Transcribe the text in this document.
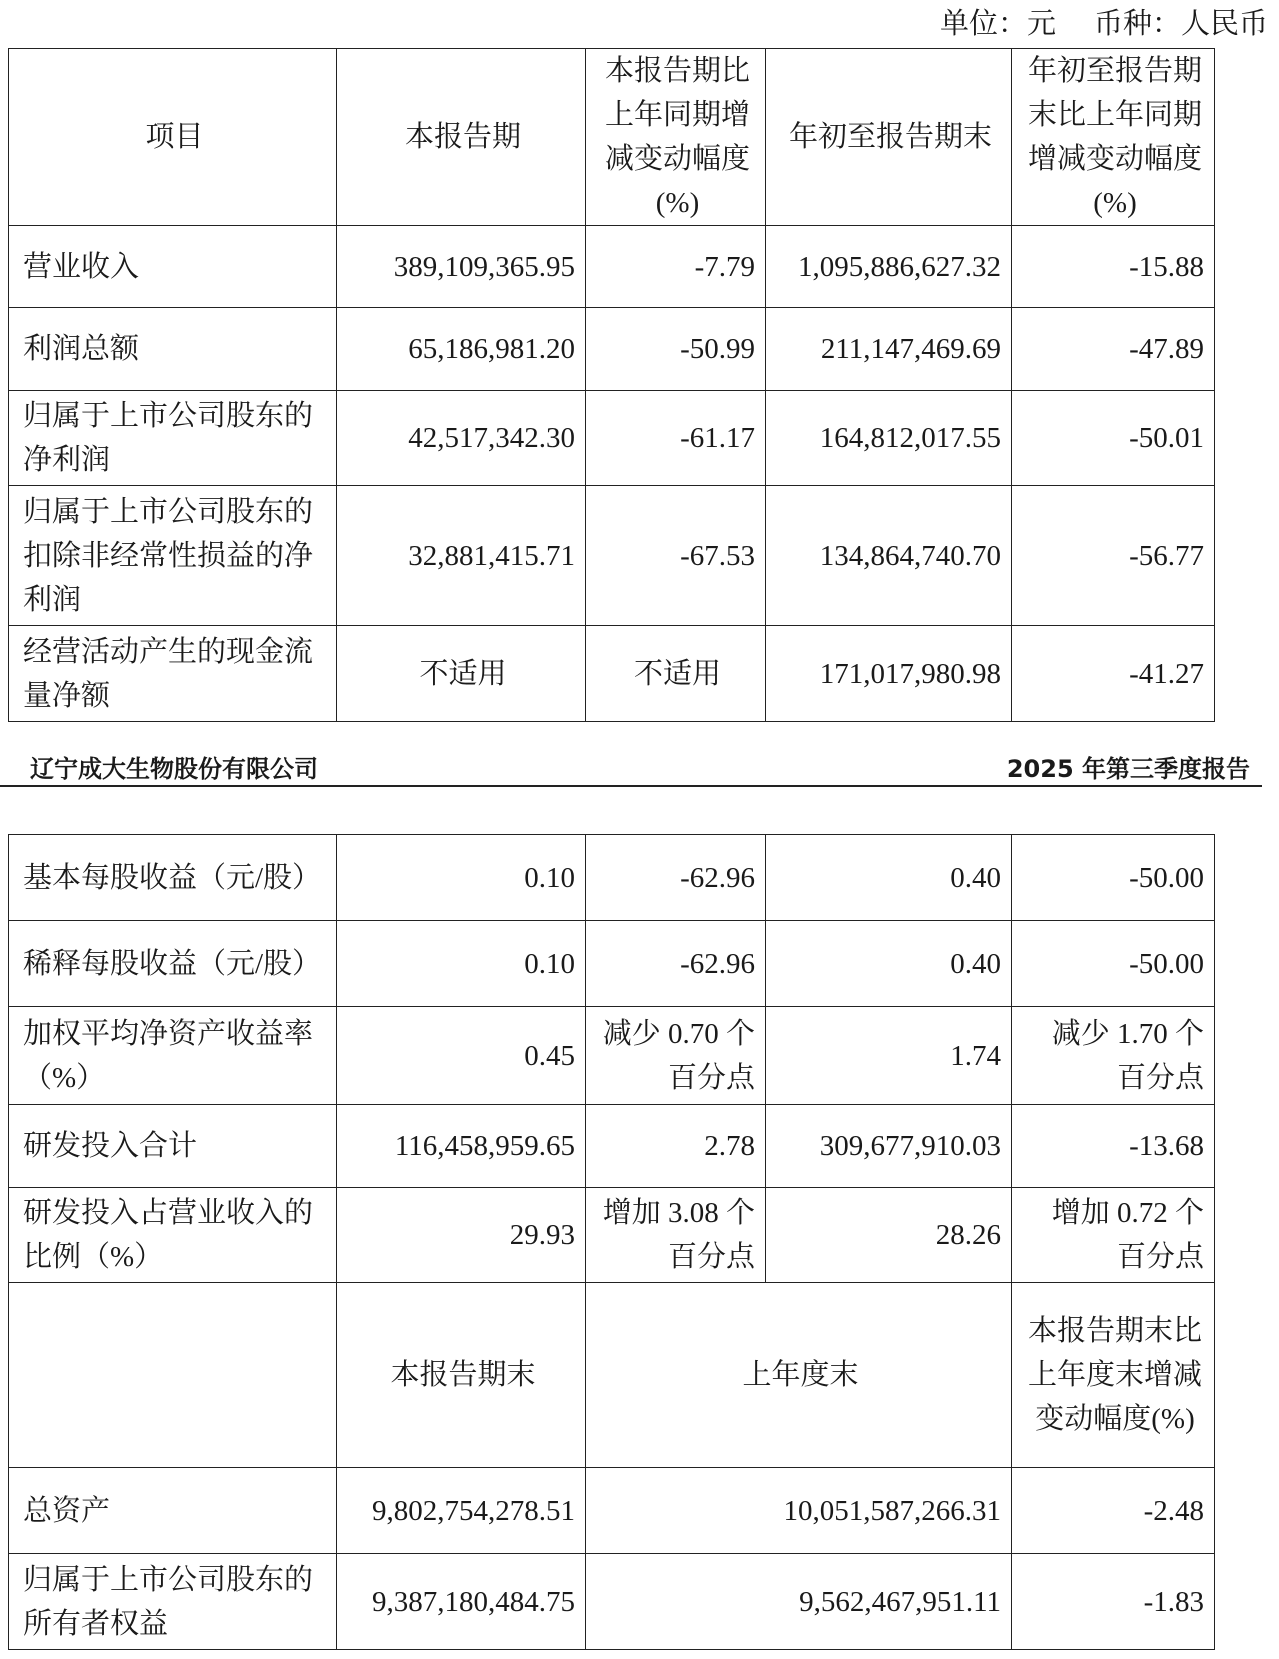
单位：元 币种：人民币
项目	本报告期	本报告期比上年同期增减变动幅度(%)	年初至报告期末	年初至报告期末比上年同期增减变动幅度(%)
营业收入	389,109,365.95	-7.79	1,095,886,627.32	-15.88
利润总额	65,186,981.20	-50.99	211,147,469.69	-47.89
归属于上市公司股东的净利润	42,517,342.30	-61.17	164,812,017.55	-50.01
归属于上市公司股东的扣除非经常性损益的净利润	32,881,415.71	-67.53	134,864,740.70	-56.77
经营活动产生的现金流量净额	不适用	不适用	171,017,980.98	-41.27
辽宁成大生物股份有限公司	2025 年第三季度报告
基本每股收益（元/股）	0.10	-62.96	0.40	-50.00
稀释每股收益（元/股）	0.10	-62.96	0.40	-50.00
加权平均净资产收益率（%）	0.45	减少 0.70 个百分点	1.74	减少 1.70 个百分点
研发投入合计	116,458,959.65	2.78	309,677,910.03	-13.68
研发投入占营业收入的比例（%）	29.93	增加 3.08 个百分点	28.26	增加 0.72 个百分点
	本报告期末	上年度末		本报告期末比上年度末增减变动幅度(%)
总资产	9,802,754,278.51	10,051,587,266.31		-2.48
归属于上市公司股东的所有者权益	9,387,180,484.75	9,562,467,951.11		-1.83
